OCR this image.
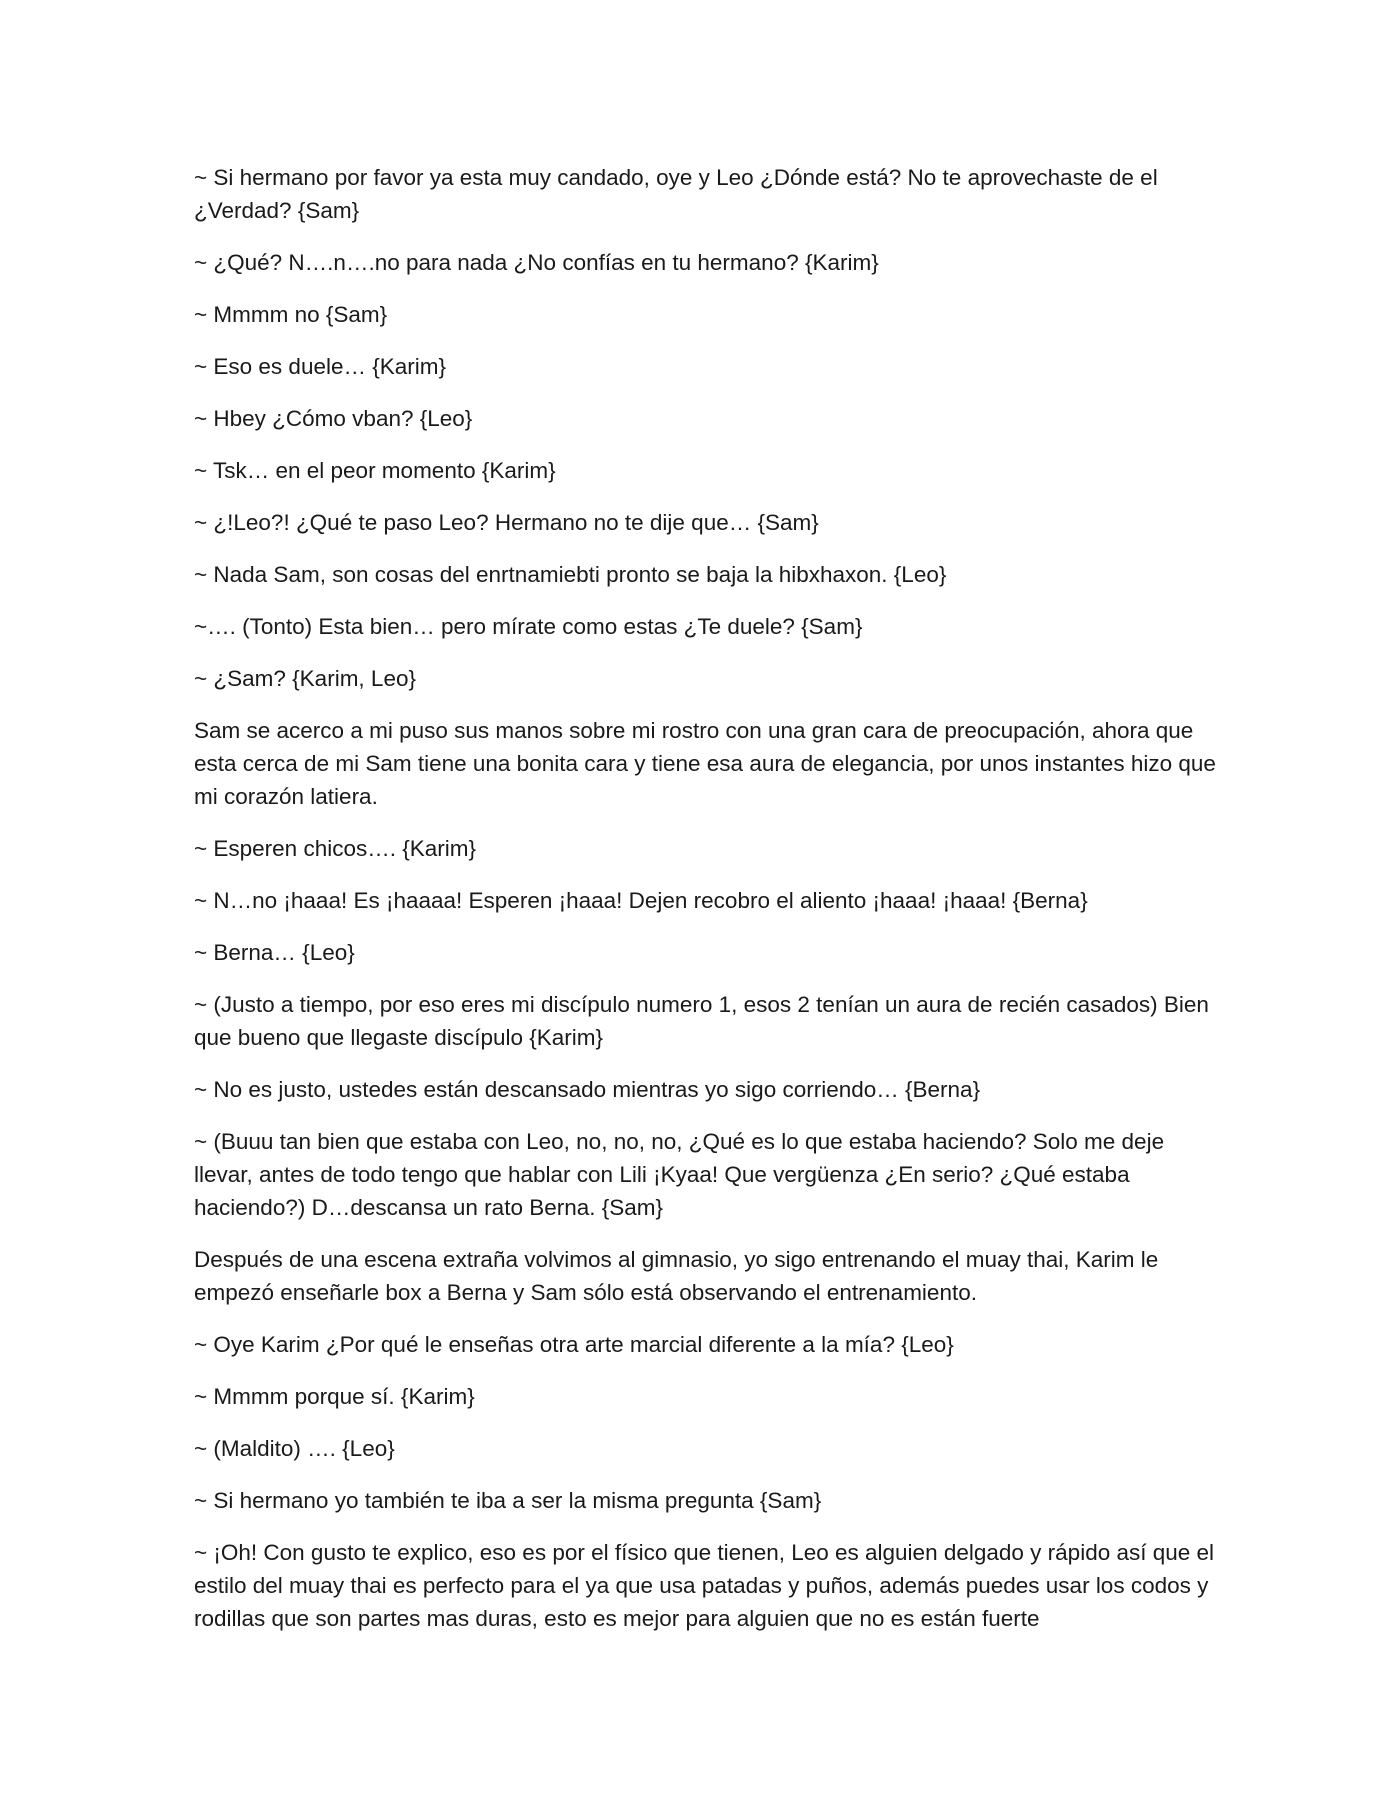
~ Si hermano por favor ya esta muy candado, oye y Leo ¿Dónde está? No te aprovechaste de el ¿Verdad? {Sam}

~ ¿Qué? N….n….no para nada ¿No confías en tu hermano? {Karim}

~ Mmmm no {Sam}

~ Eso es duele… {Karim}

~ Hbey ¿Cómo vban? {Leo}

~ Tsk… en el peor momento {Karim}

~ ¿!Leo?! ¿Qué te paso Leo? Hermano no te dije que… {Sam}

~ Nada Sam, son cosas del enrtnamiebti pronto se baja la hibxhaxon. {Leo}

~…. (Tonto) Esta bien… pero mírate como estas ¿Te duele? {Sam}

~ ¿Sam? {Karim, Leo}

Sam se acerco a mi puso sus manos sobre mi rostro con una gran cara de preocupación, ahora que esta cerca de mi Sam tiene una bonita cara y tiene esa aura de elegancia, por unos instantes hizo que mi corazón latiera.

~ Esperen chicos…. {Karim}

~ N…no ¡haaa! Es ¡haaaa! Esperen ¡haaa! Dejen recobro el aliento ¡haaa! ¡haaa! {Berna}

~ Berna… {Leo}

~ (Justo a tiempo, por eso eres mi discípulo numero 1, esos 2 tenían un aura de recién casados) Bien que bueno que llegaste discípulo {Karim}

~ No es justo, ustedes están descansado mientras yo sigo corriendo… {Berna}

~ (Buuu tan bien que estaba con Leo, no, no, no, ¿Qué es lo que estaba haciendo? Solo me deje llevar, antes de todo tengo que hablar con Lili ¡Kyaa! Que vergüenza ¿En serio? ¿Qué estaba haciendo?) D…descansa un rato Berna. {Sam}

Después de una escena extraña volvimos al gimnasio, yo sigo entrenando el muay thai, Karim le empezó enseñarle box a Berna y Sam sólo está observando el entrenamiento.

~ Oye Karim ¿Por qué le enseñas otra arte marcial diferente a la mía? {Leo}

~ Mmmm porque sí. {Karim}

~ (Maldito) …. {Leo}

~ Si hermano yo también te iba a ser la misma pregunta {Sam}

~ ¡Oh! Con gusto te explico, eso es por el físico que tienen, Leo es alguien delgado y rápido así que el estilo del muay thai es perfecto para el ya que usa patadas y puños, además puedes usar los codos y rodillas que son partes mas duras, esto es mejor para alguien que no es están fuerte
